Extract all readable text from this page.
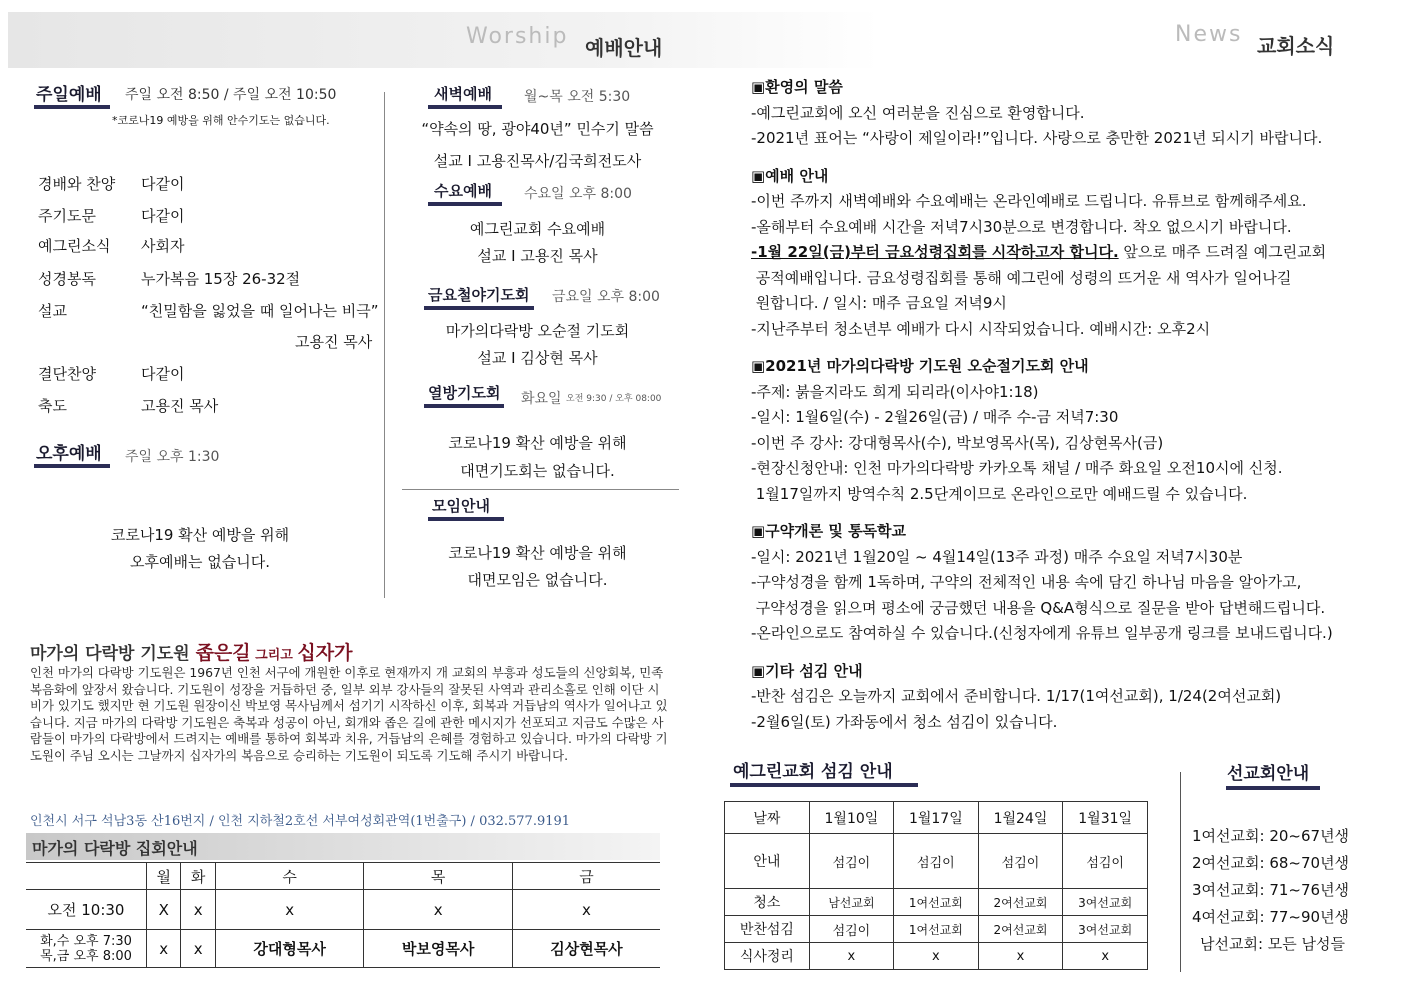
Worship 예배안내
News 교회소식
주일예배 주일 오전 8:50 / 주일 오전 10:50
*코로나19 예방을 위해 안수기도는 없습니다.
경배와 찬양 다같이
주기도문	다같이
예그린소식 사회자
성경봉독	누가복음 15장 26-32절
설교	“친밀함을 잃었을 때 일어나는 비극”
고용진 목사
결단찬양	다같이
축도	고용진 목사
오후예배 주일 오후 1:30
코로나19 확산 예방을 위해
오후예배는 없습니다.
새벽예배 월~목 오전 5:30
“약속의 땅, 광야40년” 민수기 말씀
설교 I 고용진목사/김국희전도사
수요예배 수요일 오후 8:00
예그린교회 수요예배
설교 I 고용진 목사
금요철야기도회 금요일 오후 8:00
마가의다락방 오순절 기도회
설교 I 김상현 목사
열방기도회 화요일 오전 9:30 / 오후 08:00
코로나19 확산 예방을 위해
대면기도회는 없습니다.
모임안내
코로나19 확산 예방을 위해
대면모임은 없습니다.
마가의 다락방 기도원 좁은길 그리고 십자가
인천 마가의 다락방 기도원은 1967년 인천 서구에 개원한 이후로 현재까지 개 교회의 부흥과 성도들의 신앙회복, 민족 복음화에 앞장서 왔습니다. 기도원이 성장을 거듭하던 중, 일부 외부 강사들의 잘못된 사역과 관리소홀로 인해 이단 시비가 있기도 했지만 현 기도원 원장이신 박보영 목사님께서 섬기기 시작하신 이후, 회복과 거듭남의 역사가 일어나고 있습니다. 지금 마가의 다락방 기도원은 축복과 성공이 아닌, 회개와 좁은 길에 관한 메시지가 선포되고 지금도 수많은 사람들이 마가의 다락방에서 드려지는 예배를 통하여 회복과 치유, 거듭남의 은혜를 경험하고 있습니다. 마가의 다락방 기도원이 주님 오시는 그날까지 십자가의 복음으로 승리하는 기도원이 되도록 기도해 주시기 바랍니다.
인천시 서구 석남3동 산16번지 / 인천 지하철2호선 서부여성회관역(1번출구) / 032.577.9191
마가의 다락방 집회안내
	월	화	수	목	금
오전 10:30	X	x	x	x	x

화,수 오후 7:30
목,금 오후 8:00	x	x	강대형목사	박보영목사	김상현목사
▣환영의 말씀
-예그린교회에 오신 여러분을 진심으로 환영합니다.
-2021년 표어는 “사랑이 제일이라!”입니다. 사랑으로 충만한 2021년 되시기 바랍니다.
▣예배 안내
-이번 주까지 새벽예배와 수요예배는 온라인예배로 드립니다. 유튜브로 함께해주세요.
-올해부터 수요예배 시간을 저녁7시30분으로 변경합니다. 착오 없으시기 바랍니다.
-1월 22일(금)부터 금요성령집회를 시작하고자 합니다. 앞으로 매주 드려질 예그린교회
공적예배입니다. 금요성령집회를 통해 예그린에 성령의 뜨거운 새 역사가 일어나길
원합니다. / 일시: 매주 금요일 저녁9시
-지난주부터 청소년부 예배가 다시 시작되었습니다. 예배시간: 오후2시
▣2021년 마가의다락방 기도원 오순절기도회 안내
-주제: 붉을지라도 희게 되리라(이사야1:18)
-일시: 1월6일(수) - 2월26일(금) / 매주 수-금 저녁7:30
-이번 주 강사: 강대형목사(수), 박보영목사(목), 김상현목사(금)
-현장신청안내: 인천 마가의다락방 카카오톡 채널 / 매주 화요일 오전10시에 신청.
1월17일까지 방역수칙 2.5단계이므로 온라인으로만 예배드릴 수 있습니다.
▣구약개론 및 통독학교
-일시: 2021년 1월20일 ~ 4월14일(13주 과정) 매주 수요일 저녁7시30분
-구약성경을 함께 1독하며, 구약의 전체적인 내용 속에 담긴 하나님 마음을 알아가고,
구약성경을 읽으며 평소에 궁금했던 내용을 Q&A형식으로 질문을 받아 답변해드립니다.
-온라인으로도 참여하실 수 있습니다.(신청자에게 유튜브 일부공개 링크를 보내드립니다.)
▣기타 섬김 안내
-반찬 섬김은 오늘까지 교회에서 준비합니다. 1/17(1여선교회), 1/24(2여선교회)
-2월6일(토) 가좌동에서 청소 섬김이 있습니다.
예그린교회 섬김 안내
날짜	1월10일	1월17일	1월24일	1월31일
안내	섬김이	섬김이	섬김이	섬김이
청소	남선교회	1여선교회	2여선교회	3여선교회
반찬섬김	섬김이	1여선교회	2여선교회	3여선교회
식사정리	x	x	x	x
선교회안내
1여선교회: 20~67년생
2여선교회: 68~70년생
3여선교회: 71~76년생
4여선교회: 77~90년생
남선교회: 모든 남성들
